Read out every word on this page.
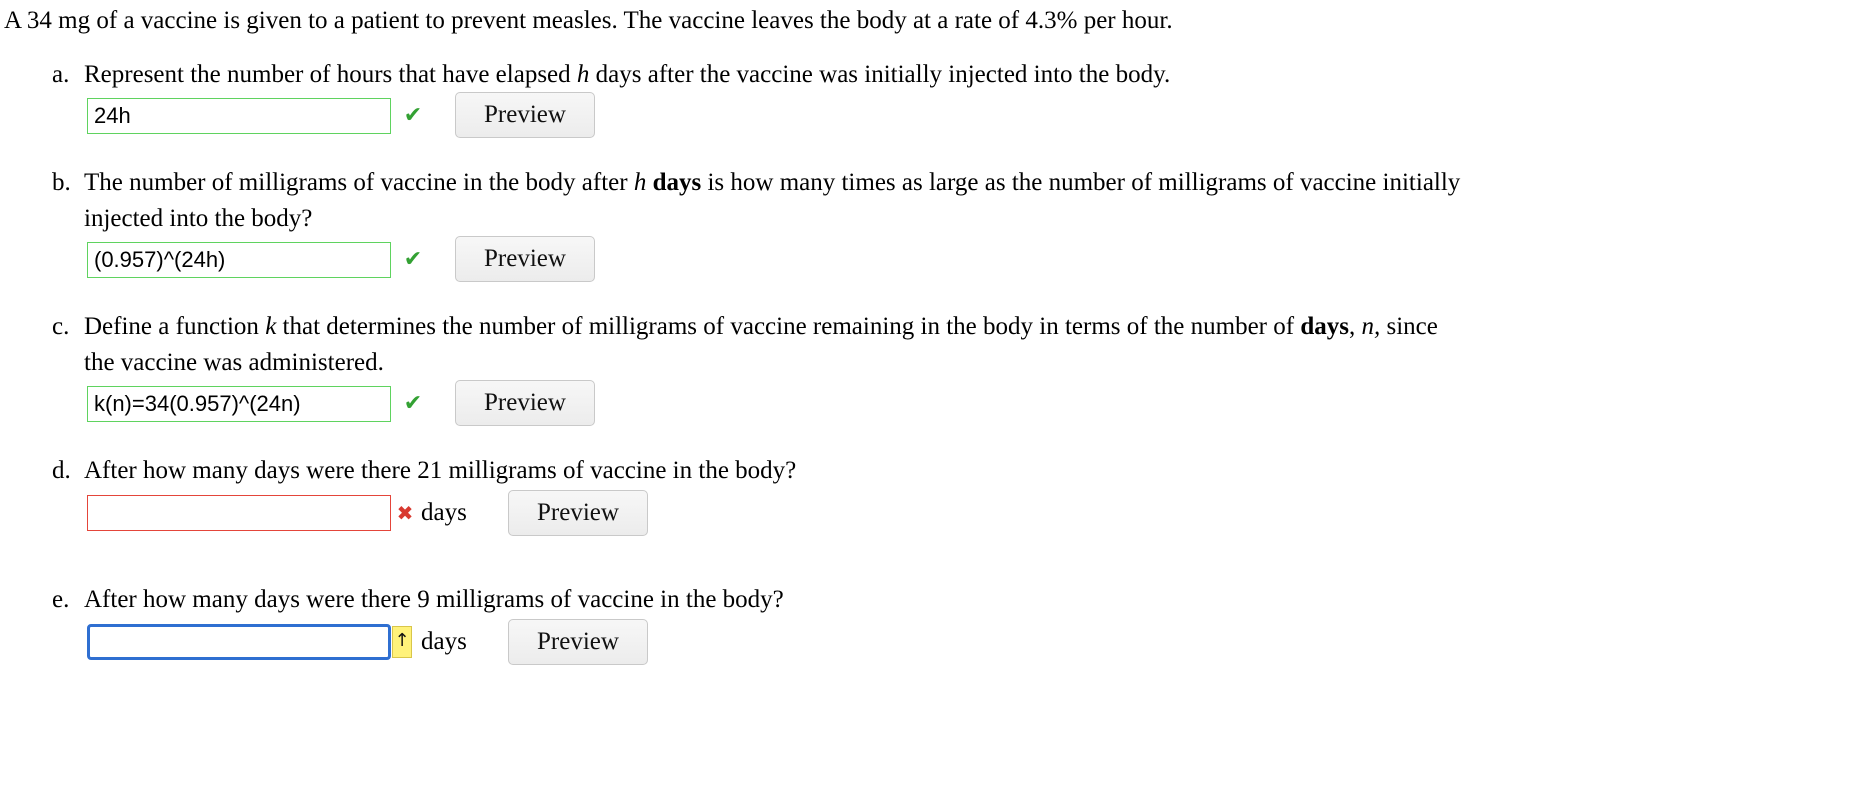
A 34 mg of a vaccine is given to a patient to prevent measles. The vaccine leaves the body at a rate of 4.3% per hour.
a. Represent the number of hours that have elapsed h days after the vaccine was initially injected into the body.
24h	✔	Preview
b. The number of milligrams of vaccine in the body after h days is how many times as large as the number of milligrams of vaccine initially
injected into the body?
(0.957)^(24h)	✔	Preview
c. Define a function k that determines the number of milligrams of vaccine remaining in the body in terms of the number of days, n, since
the vaccine was administered.
k(n)=34(0.957)^(24n)	✔	Preview
d. After how many days were there 21 milligrams of vaccine in the body?
✖ days	Preview
e. After how many days were there 9 milligrams of vaccine in the body?
↑ days	Preview
